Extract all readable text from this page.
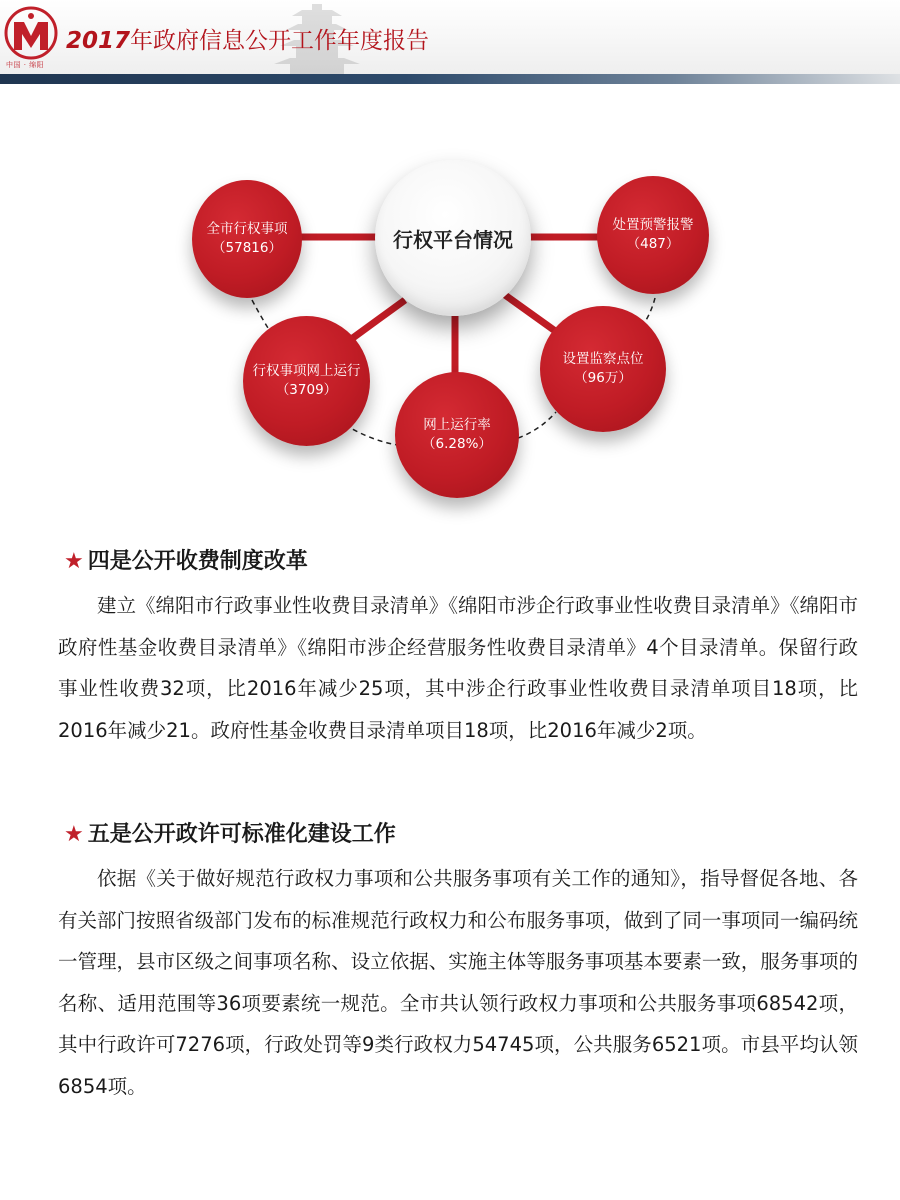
中国 · 绵阳
2017年政府信息公开工作年度报告
全市行权事项
（57816）
处置预警报警
（487）
行权事项网上运行
（3709）
设置监察点位
（96万）
网上运行率
（6.28%）
行权平台情况
★ 四是公开收费制度改革
建立《绵阳市行政事业性收费目录清单》《绵阳市涉企行政事业性收费目录清单》《绵阳市政府性基金收费目录清单》《绵阳市涉企经营服务性收费目录清单》4个目录清单。保留行政事业性收费32项，比2016年减少25项，其中涉企行政事业性收费目录清单项目18项，比2016年减少21。政府性基金收费目录清单项目18项，比2016年减少2项。
★ 五是公开政许可标准化建设工作
依据《关于做好规范行政权力事项和公共服务事项有关工作的通知》，指导督促各地、各有关部门按照省级部门发布的标准规范行政权力和公布服务事项，做到了同一事项同一编码统一管理，县市区级之间事项名称、设立依据、实施主体等服务事项基本要素一致，服务事项的名称、适用范围等36项要素统一规范。全市共认领行政权力事项和公共服务事项68542项，其中行政许可7276项，行政处罚等9类行政权力54745项，公共服务6521项。市县平均认领6854项。
